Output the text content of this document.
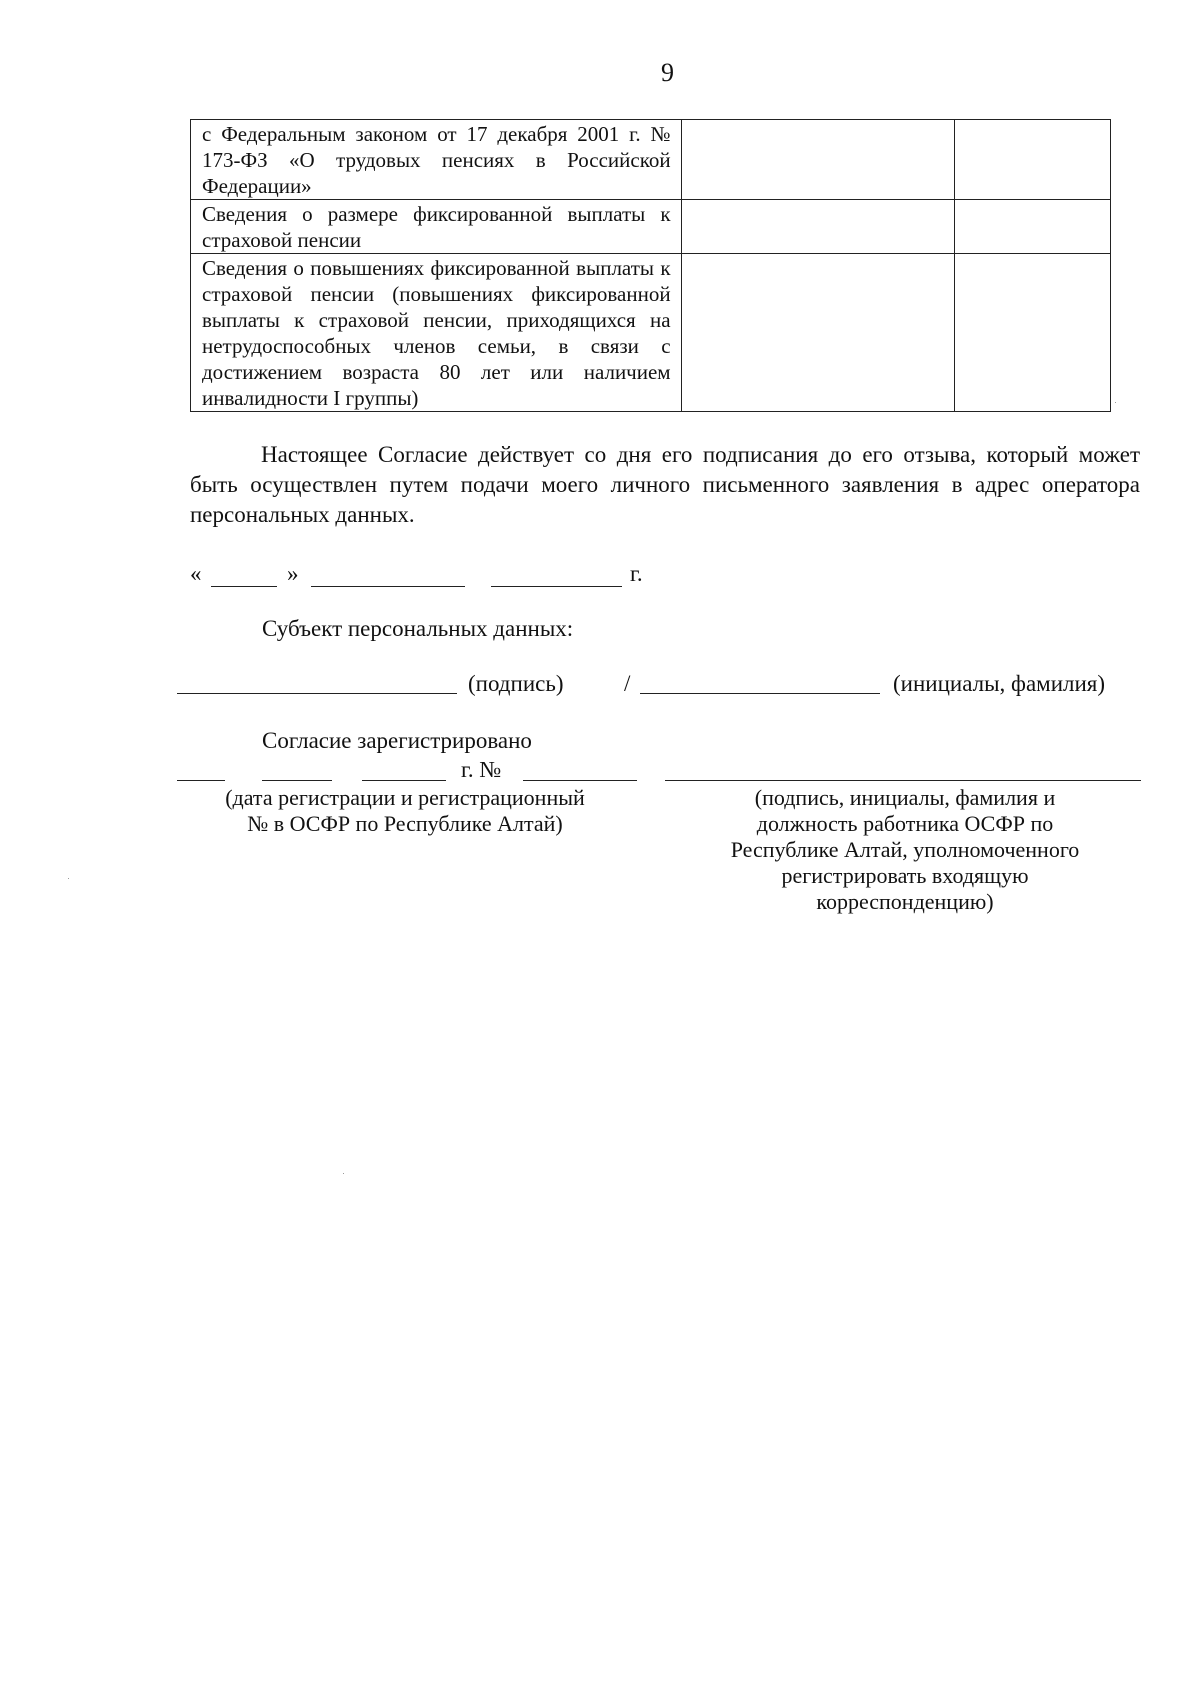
9
с Федеральным законом от 17 декабря 2001 г. № 173-ФЗ «О трудовых пенсиях в Российской Федерации»		

Сведения о размере фиксированной выплаты к страховой пенсии		

Сведения о повышениях фиксированной выплаты к страховой пенсии (повышениях фиксированной выплаты к страховой пенсии, приходящихся на нетрудоспособных членов семьи, в связи с достижением возраста 80 лет или наличием инвалидности I группы)		

Настоящее Согласие действует со дня его подписания до его отзыва, который может быть осуществлен путем подачи моего личного письменного заявления в адрес оператора персональных данных.

«	»	г.
Субъект персональных данных:
(подпись)	/	(инициалы, фамилия)
Согласие зарегистрировано
г. №
(дата регистрации и регистрационный
№ в ОСФР по Республике Алтай)
(подпись, инициалы, фамилия и
должность работника ОСФР по
Республике Алтай, уполномоченного
регистрировать входящую
корреспонденцию)
